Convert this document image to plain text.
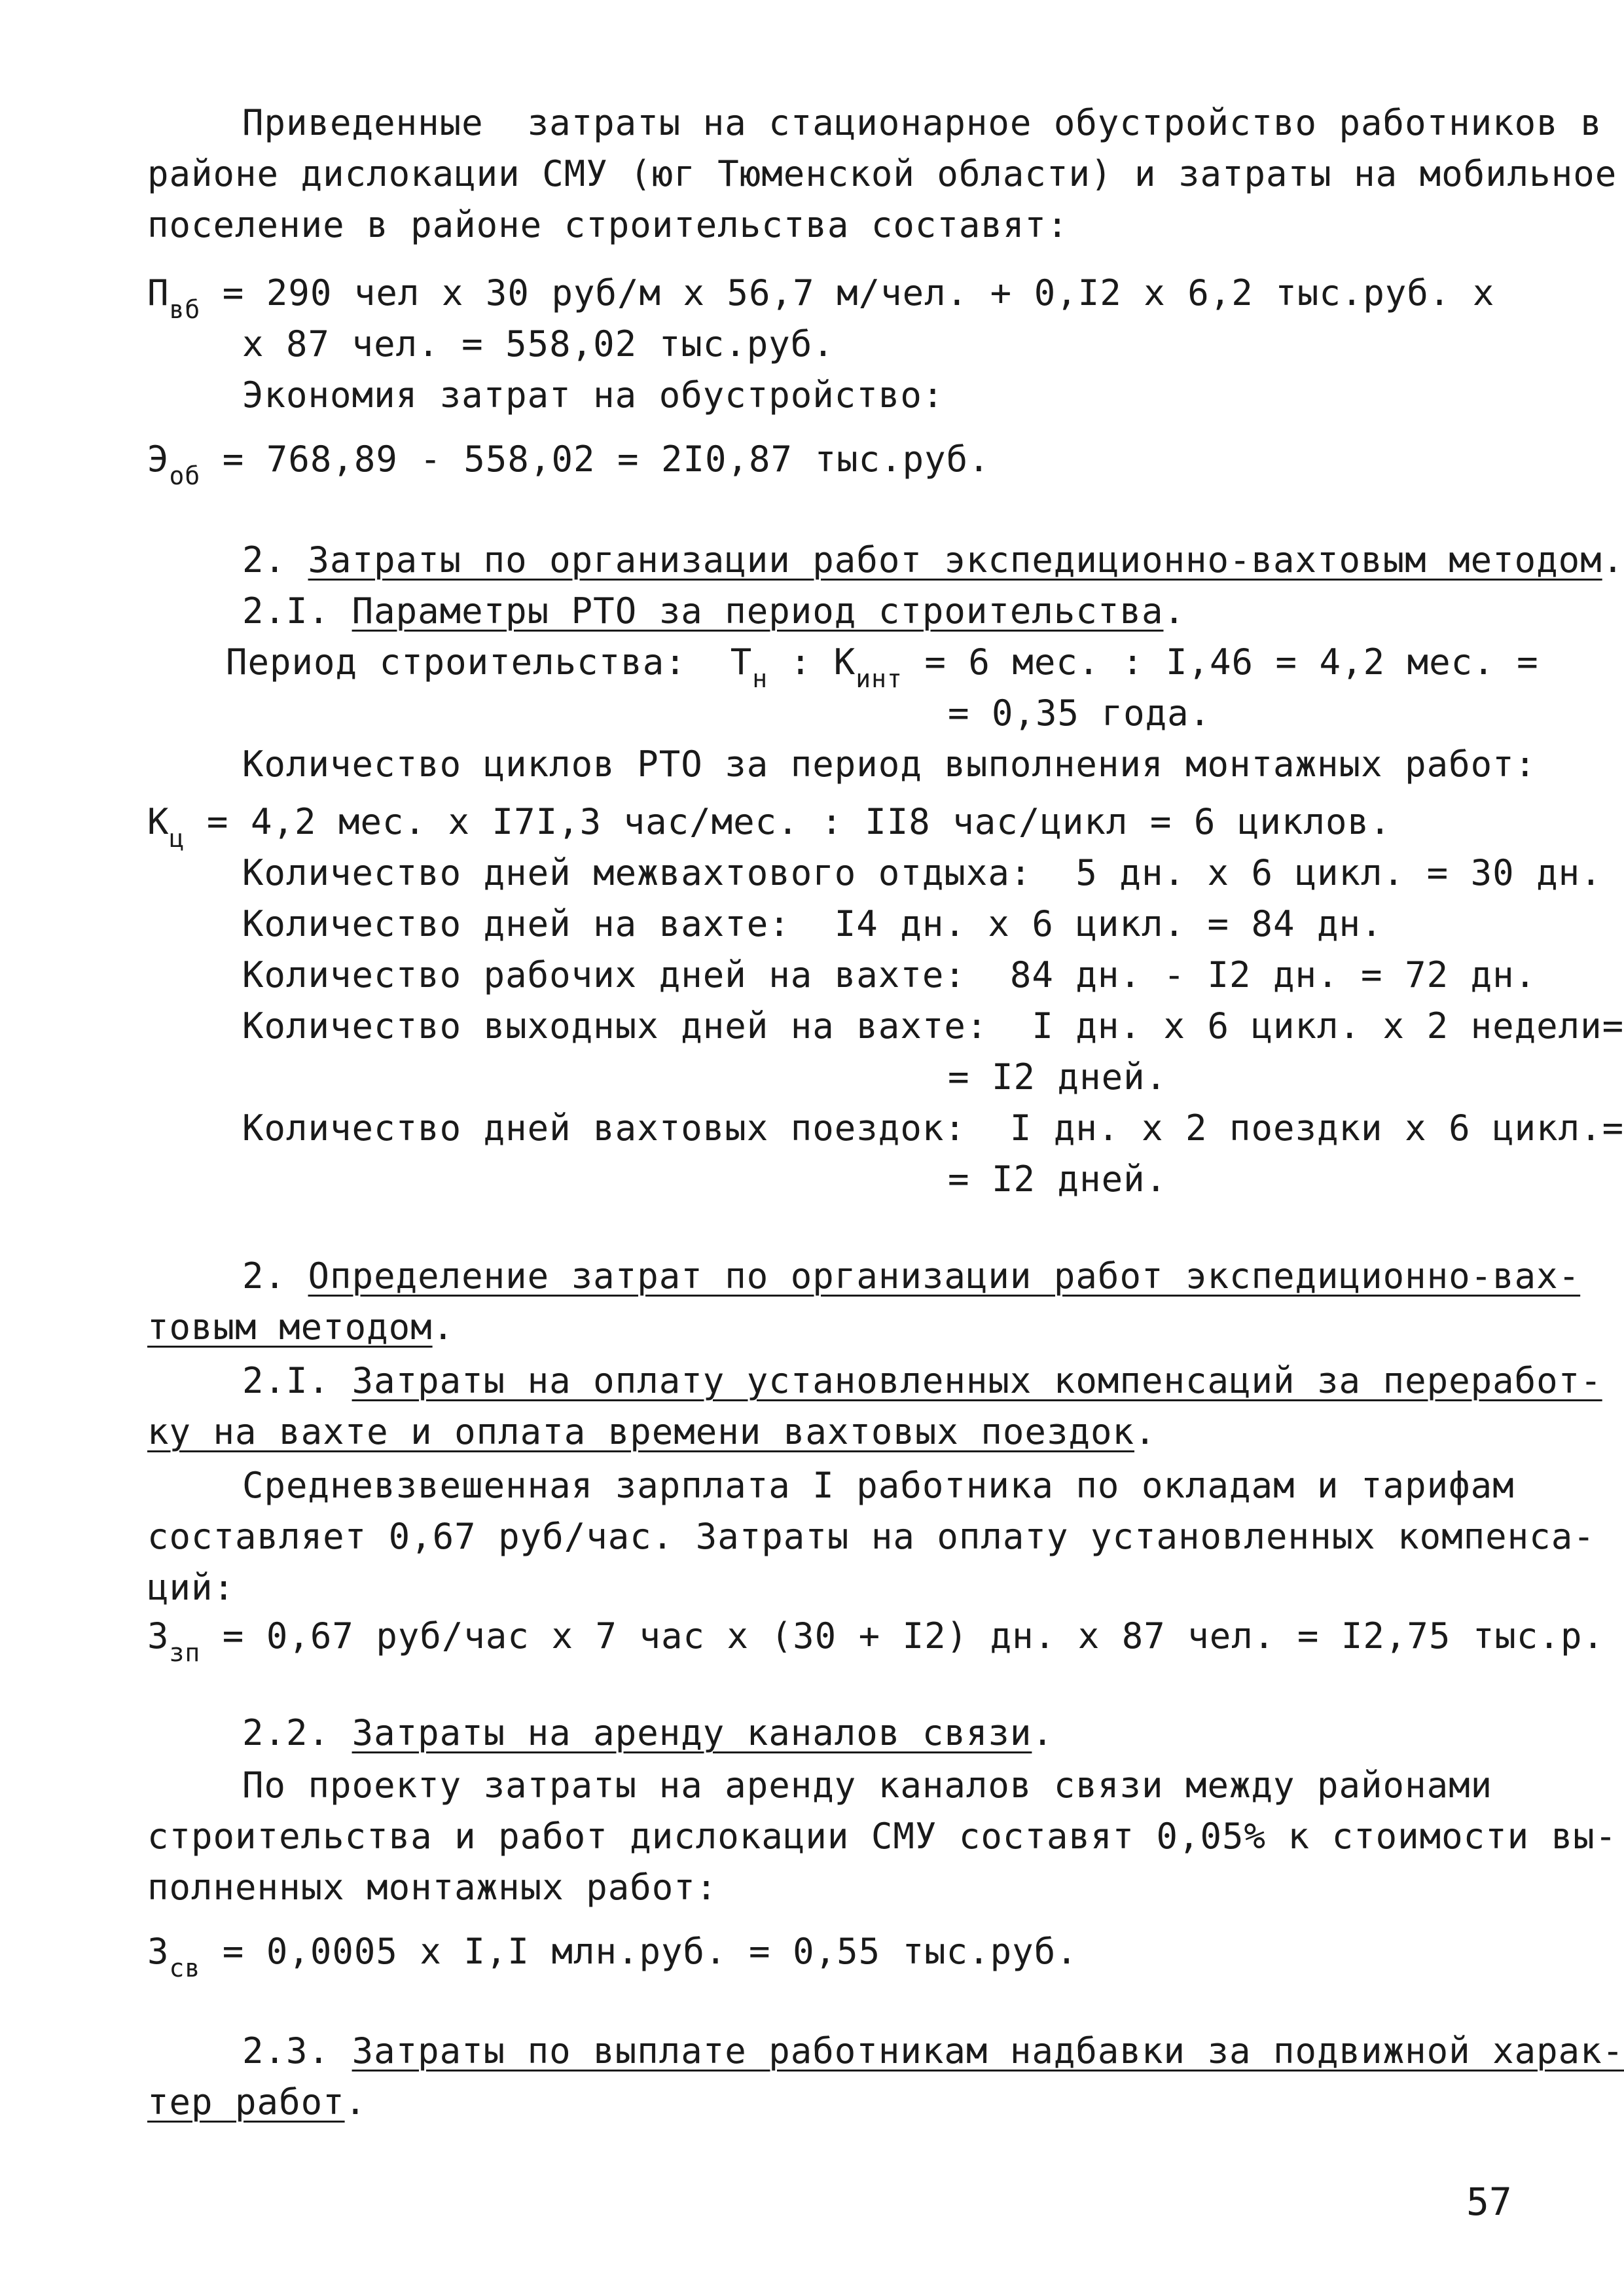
Приведенные  затраты на стационарное обустройство работников в
районе дислокации СМУ (юг Тюменской области) и затраты на мобильное
поселение в районе строительства составят:
$П_{вб} = 290$ чел х 30 руб/м х 56,7 м/чел. + 0,I2 х 6,2 тыс.руб. х
х 87 чел. = 558,02 тыс.руб.
Экономия затрат на обустройство:
$Э_{об} = 768,89 - 558,02 = 2I0,87$ тыс.руб.
2. Затраты по организации работ экспедиционно-вахтовым методом.
2.I. Параметры РТО за период строительства.
Период строительства:  $Т_н$ : $К_{инт} = 6$ мес. : I,46 = 4,2 мес. =
= 0,35 года.
Количество циклов РТО за период выполнения монтажных работ:
$К_ц = 4,2$ мес. х I7I,3 час/мес. : II8 час/цикл = 6 циклов.
Количество дней межвахтового отдыха:  5 дн. х 6 цикл. = 30 дн.
Количество дней на вахте:  I4 дн. х 6 цикл. = 84 дн.
Количество рабочих дней на вахте:  84 дн. - I2 дн. = 72 дн.
Количество выходных дней на вахте:  I дн. х 6 цикл. х 2 недели=
= I2 дней.
Количество дней вахтовых поездок:  I дн. х 2 поездки х 6 цикл.=
= I2 дней.
2. Определение затрат по организации работ экспедиционно-вах-
товым методом.
2.I. Затраты на оплату установленных компенсаций за переработ-
ку на вахте и оплата времени вахтовых поездок.
Средневзвешенная зарплата I работника по окладам и тарифам
составляет 0,67 руб/час. Затраты на оплату установленных компенса-
ций:
$З_{зп} = 0,67$ руб/час х 7 час х (30 + I2) дн. х 87 чел. = I2,75 тыс.р.
2.2. Затраты на аренду каналов связи.
По проекту затраты на аренду каналов связи между районами
строительства и работ дислокации СМУ составят 0,05% к стоимости вы-
полненных монтажных работ:
$З_{св} = 0,0005$ х I,I млн.руб. = 0,55 тыс.руб.
2.3. Затраты по выплате работникам надбавки за подвижной харак-
тер работ.
57
